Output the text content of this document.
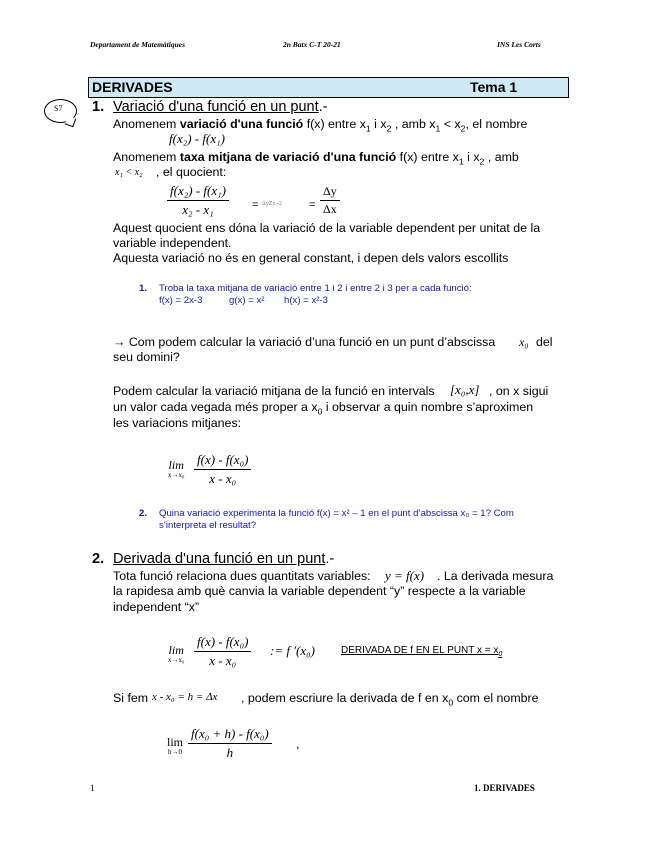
Departament de Matemàtiques	2n Batx C-T 20-21	INS Les Corts
DERIVADES	Tema 1
S7 1. Variació d'una funció en un punt.-
Anomenem variació d'una funció f(x) entre $x_1$ i $x_2$ , amb $x_1 < x_2$, el nombre
f(x₂) - f(x₁)
Anomenem taxa mitjana de variació d'una funció f(x) entre $x_1$ i $x_2$ , amb
x₁ < x₂ , el quocient:
$\frac{\text{f(x₂) - f(x₁)}}{\text{x₂ - x₁}} = \Delta уZх$ $-2 = \frac{\Delta y}{\Delta x}$
Aquest quocient ens dóna la variació de la variable dependent per unitat de la
variable independent.
Aquesta variació no és en general constant, i depen dels valors escollits
1. Troba la taxa mitjana de variació entre 1 i 2 i entre 2 i 3 per a cada funció:
f(x) = 2x-3	g(x) = x² h(x) = x²-3
→ Com podem calcular la variació d’una funció en un punt d’abscissa x₀ del
seu domini?
Podem calcular la variació mitjana de la funció en intervals [x₀,x] , on x sigui
un valor cada vegada més proper a $x_0$ i observar a quin nombre s’aproximen
les variacions mitjanes:
lim
$x\to x_0 \frac{\text{f(x) - f(x₀)}}{\text{x - x₀}}$
2. Quina variació experimenta la funció f(x) = x² – 1 en el punt d’abscissa x₀ = 1? Com
s’interpreta el resultat?
2. Derivada d'una funció en un punt.-
Tota funció relaciona dues quantitats variables: y = f(x) . La derivada mesura
la rapidesa amb què canvia la variable dependent “y” respecte a la variable
independent “x”
lim
$x\to x_0 \frac{\text{f(x) - f(x₀)}}{\text{x - x₀}}$ := f ′(x₀)	DERIVADA DE f EN EL PUNT $x = x_0$
Si fem x - x₀ = h = Δx , podem escriure la derivada de f en $x_0$ com el nombre
lim
$h\to 0 \frac{\text{f(x₀ + h) - f(x₀)}}{h}$ ,
1	1. DERIVADES
